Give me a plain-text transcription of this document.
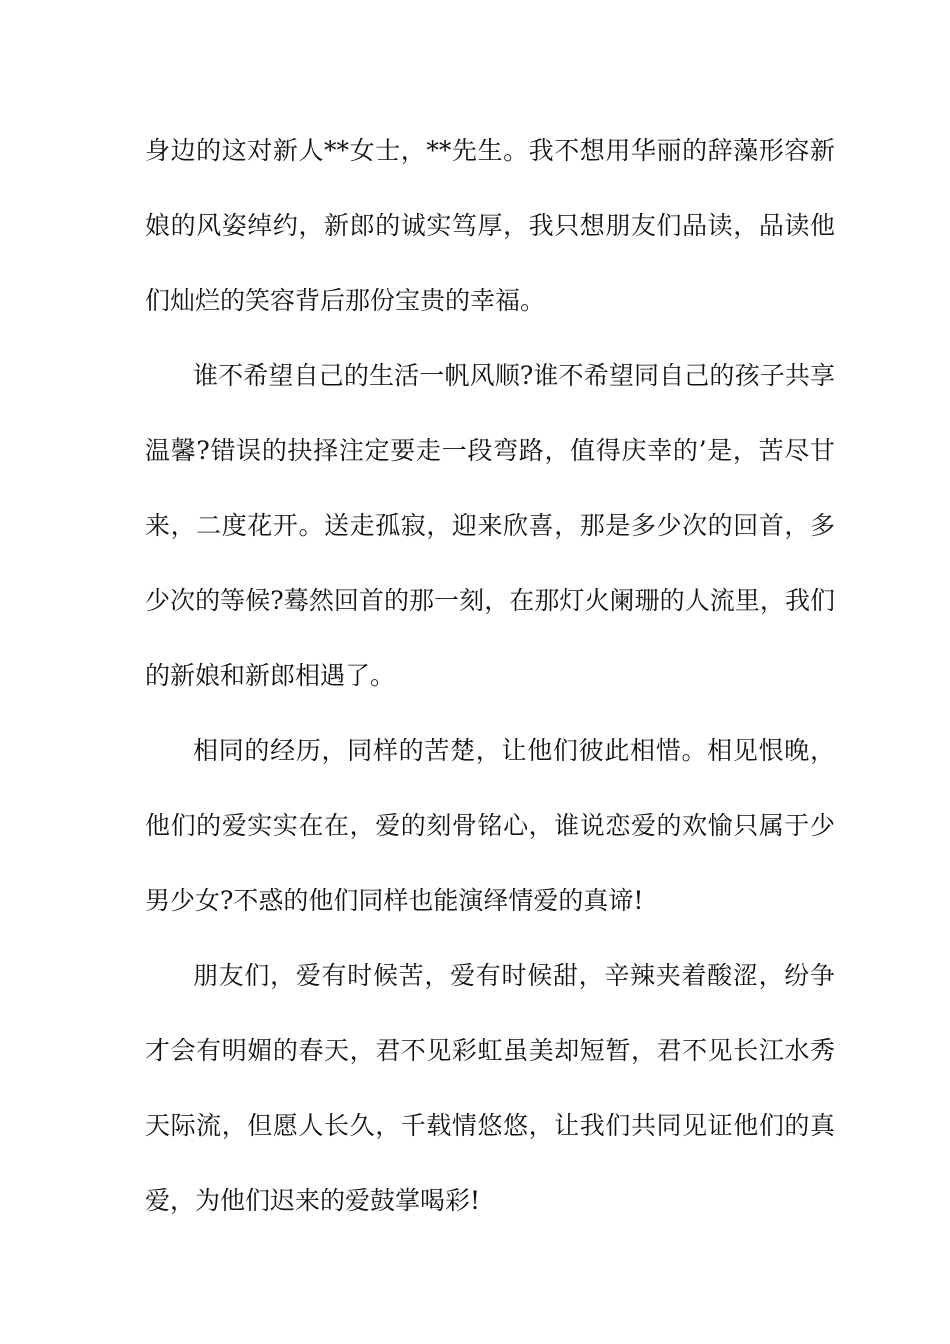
身边的这对新人**女士，**先生。我不想用华丽的辞藻形容新
娘的风姿绰约，新郎的诚实笃厚，我只想朋友们品读，品读他
们灿烂的笑容背后那份宝贵的幸福。
谁不希望自己的生活一帆风顺?谁不希望同自己的孩子共享
温馨?错误的抉择注定要走一段弯路，值得庆幸的’是，苦尽甘
来，二度花开。送走孤寂，迎来欣喜，那是多少次的回首，多
少次的等候?蓦然回首的那一刻，在那灯火阑珊的人流里，我们
的新娘和新郎相遇了。
相同的经历，同样的苦楚，让他们彼此相惜。相见恨晚，
他们的爱实实在在，爱的刻骨铭心，谁说恋爱的欢愉只属于少
男少女?不惑的他们同样也能演绎情爱的真谛!
朋友们，爱有时候苦，爱有时候甜，辛辣夹着酸涩，纷争
才会有明媚的春天，君不见彩虹虽美却短暂，君不见长江水秀
天际流，但愿人长久，千载情悠悠，让我们共同见证他们的真
爱，为他们迟来的爱鼓掌喝彩!
